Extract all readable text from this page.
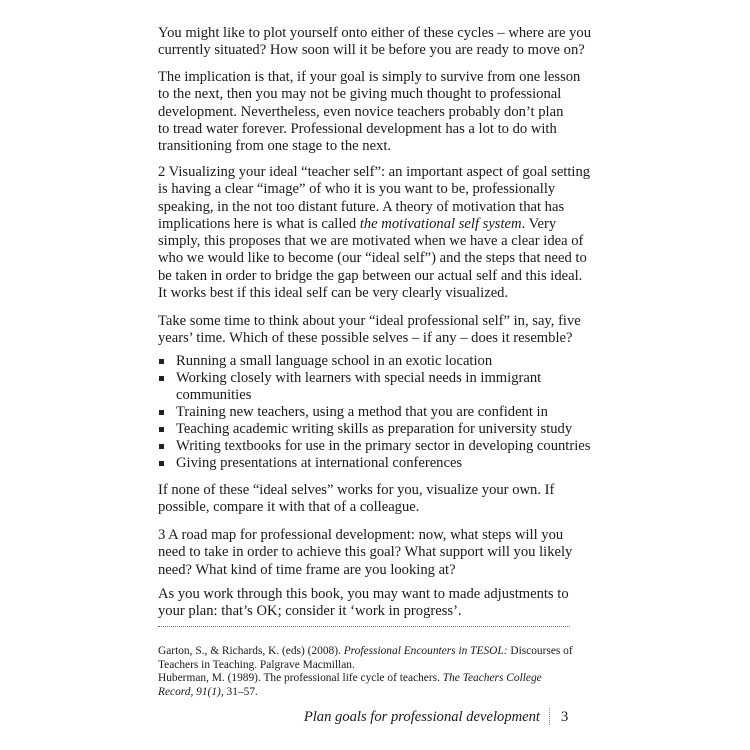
You might like to plot yourself onto either of these cycles – where are you
currently situated? How soon will it be before you are ready to move on?
The implication is that, if your goal is simply to survive from one lesson
to the next, then you may not be giving much thought to professional
development. Nevertheless, even novice teachers probably don’t plan
to tread water forever. Professional development has a lot to do with
transitioning from one stage to the next.
2 Visualizing your ideal “teacher self”: an important aspect of goal setting
is having a clear “image” of who it is you want to be, professionally
speaking, in the not too distant future. A theory of motivation that has
implications here is what is called the motivational self system. Very
simply, this proposes that we are motivated when we have a clear idea of
who we would like to become (our “ideal self”) and the steps that need to
be taken in order to bridge the gap between our actual self and this ideal.
It works best if this ideal self can be very clearly visualized.
Take some time to think about your “ideal professional self” in, say, five
years’ time. Which of these possible selves – if any – does it resemble?
Running a small language school in an exotic location
Working closely with learners with special needs in immigrant
communities
Training new teachers, using a method that you are confident in
Teaching academic writing skills as preparation for university study
Writing textbooks for use in the primary sector in developing countries
Giving presentations at international conferences
If none of these “ideal selves” works for you, visualize your own. If
possible, compare it with that of a colleague.
3 A road map for professional development: now, what steps will you
need to take in order to achieve this goal? What support will you likely
need? What kind of time frame are you looking at?
As you work through this book, you may want to made adjustments to
your plan: that’s OK; consider it ‘work in progress’.
Garton, S., & Richards, K. (eds) (2008). Professional Encounters in TESOL: Discourses of
Teachers in Teaching. Palgrave Macmillan.
Huberman, M. (1989). The professional life cycle of teachers. The Teachers College
Record, 91(1), 31–57.
Plan goals for professional development 3
